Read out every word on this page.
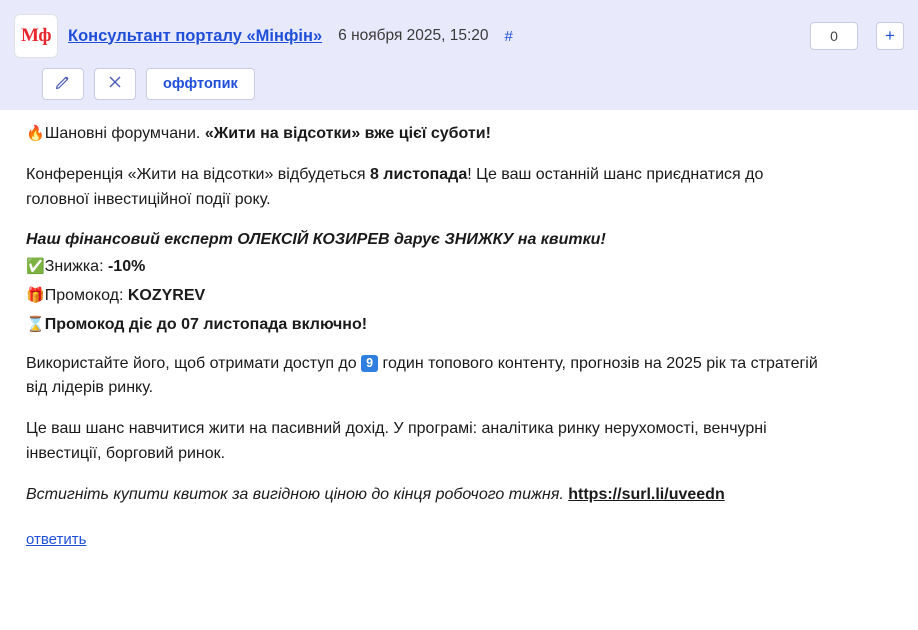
Мф Консультант порталу «Мінфін» 6 ноября 2025, 15:20 #	0	+
оффтопик

🔥Шановні форумчани. «Жити на відсотки» вже цієї суботи!

Конференція «Жити на відсотки» відбудеться 8 листопада! Це ваш останній шанс приєднатися до головної інвестиційної події року.

Наш фінансовий експерт ОЛЕКСІЙ КОЗИРЕВ дарує ЗНИЖКУ на квитки!

✅Знижка: -10%

🎁Промокод: KOZYREV

⌛Промокод діє до 07 листопада включно!

Використайте його, щоб отримати доступ до 9 годин топового контенту, прогнозів на 2025 рік та стратегій від лідерів ринку.

Це ваш шанс навчитися жити на пасивний дохід. У програмі: аналітика ринку нерухомості, венчурні інвестиції, борговий ринок.

Встигніть купити квиток за вигідною ціною до кінця робочого тижня. https://surl.li/uveedn

ответить
